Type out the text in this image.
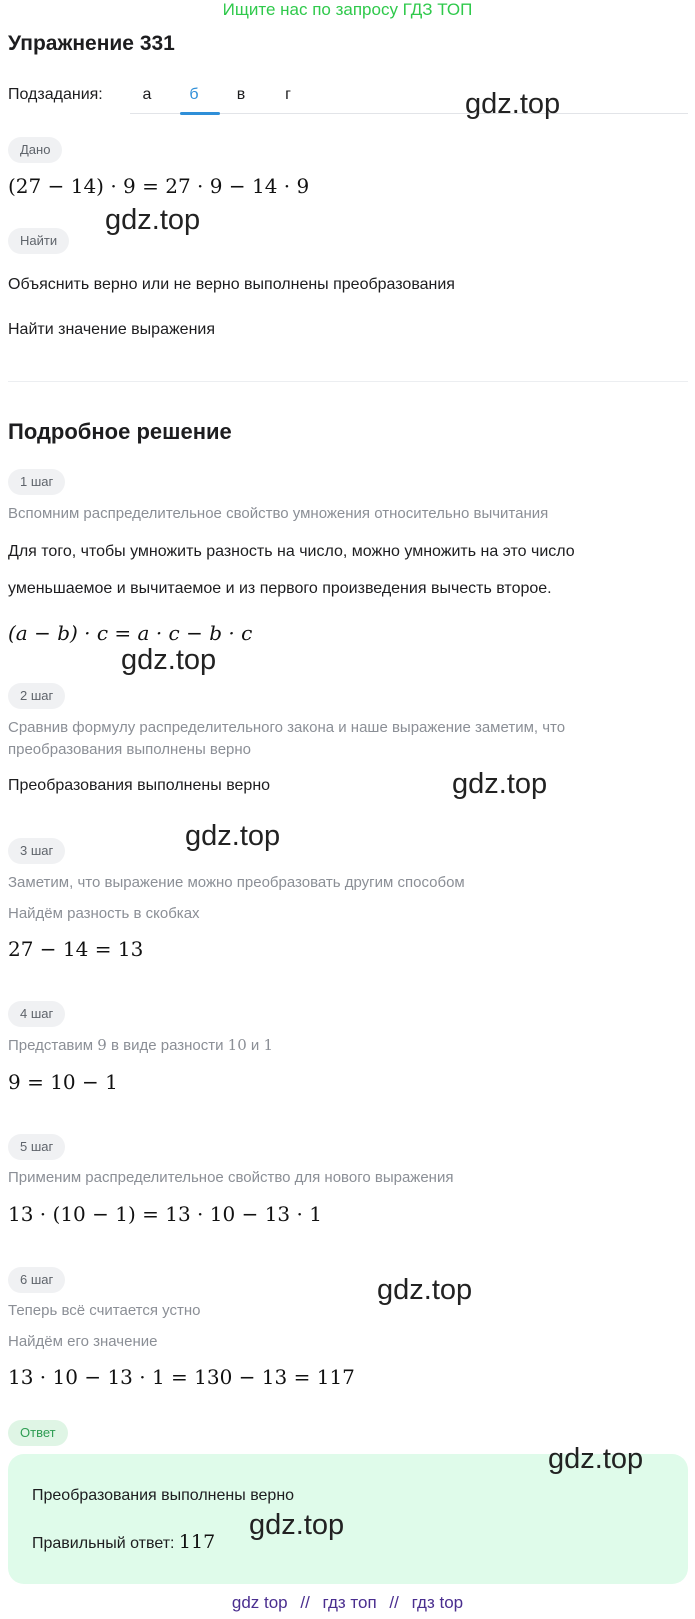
Ищите нас по запросу ГДЗ ТОП
Упражнение 331
Подзадания:	а	б	в	г
Дано
(27 − 14) · 9 = 27 · 9 − 14 · 9
Найти
Объяснить верно или не верно выполнены преобразования
Найти значение выражения
Подробное решение
1 шаг
Вспомним распределительное свойство умножения относительно вычитания
Для того, чтобы умножить разность на число, можно умножить на это число
уменьшаемое и вычитаемое и из первого произведения вычесть второе.
(a − b) · c = a · c − b · c
2 шаг
Сравнив формулу распределительного закона и наше выражение заметим, что
преобразования выполнены верно
Преобразования выполнены верно
3 шаг
Заметим, что выражение можно преобразовать другим способом
Найдём разность в скобках
27 − 14 = 13
4 шаг
Представим 9 в виде разности 10 и 1
9 = 10 − 1
5 шаг
Применим распределительное свойство для нового выражения
13 · (10 − 1) = 13 · 10 − 13 · 1
6 шаг
Теперь всё считается устно
Найдём его значение
13 · 10 − 13 · 1 = 130 − 13 = 117
Ответ
Преобразования выполнены верно
Правильный ответ: 117
gdz.top
gdz.top
gdz.top
gdz.top
gdz.top
gdz.top
gdz.top
gdz.top
gdz top // гдз топ // гдз top
